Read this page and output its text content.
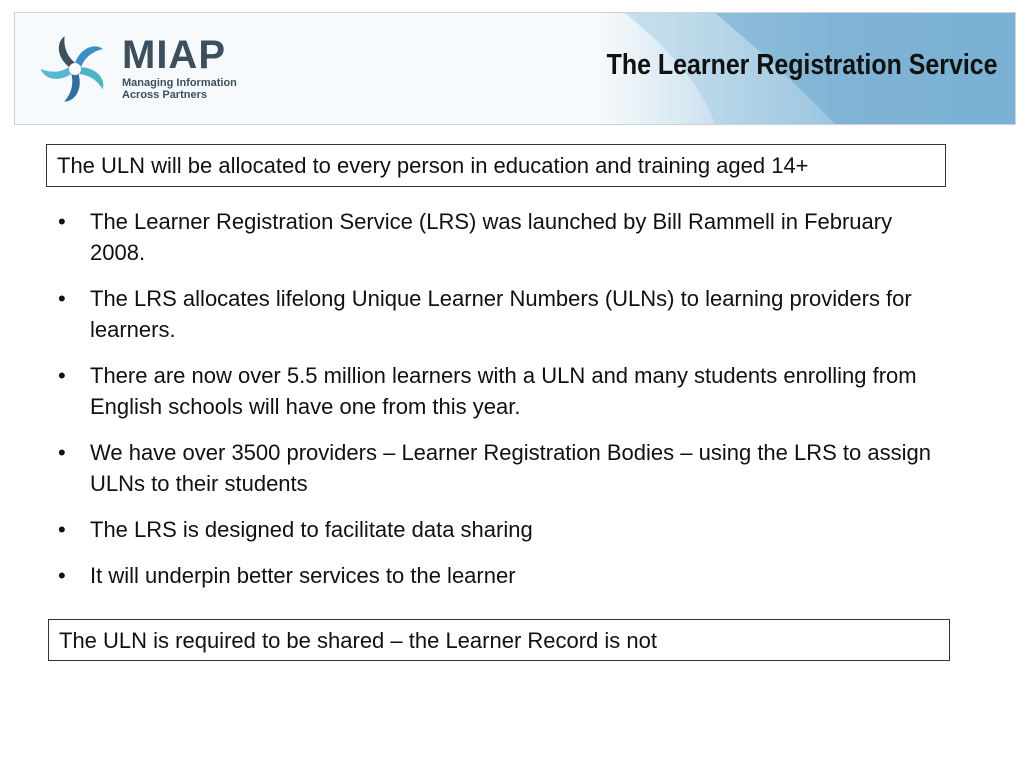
MIAP
Managing Information
Across Partners
The Learner Registration Service
The ULN will be allocated to every person in education and training aged 14+
• The Learner Registration Service (LRS) was launched by Bill Rammell in February 2008.
• The LRS allocates lifelong Unique Learner Numbers (ULNs) to learning providers for learners.
• There are now over 5.5 million learners with a ULN and many students enrolling from English schools will have one from this year.
• We have over 3500 providers – Learner Registration Bodies – using the LRS to assign ULNs to their students
• The LRS is designed to facilitate data sharing
• It will underpin better services to the learner
The ULN is required to be shared – the Learner Record is not
